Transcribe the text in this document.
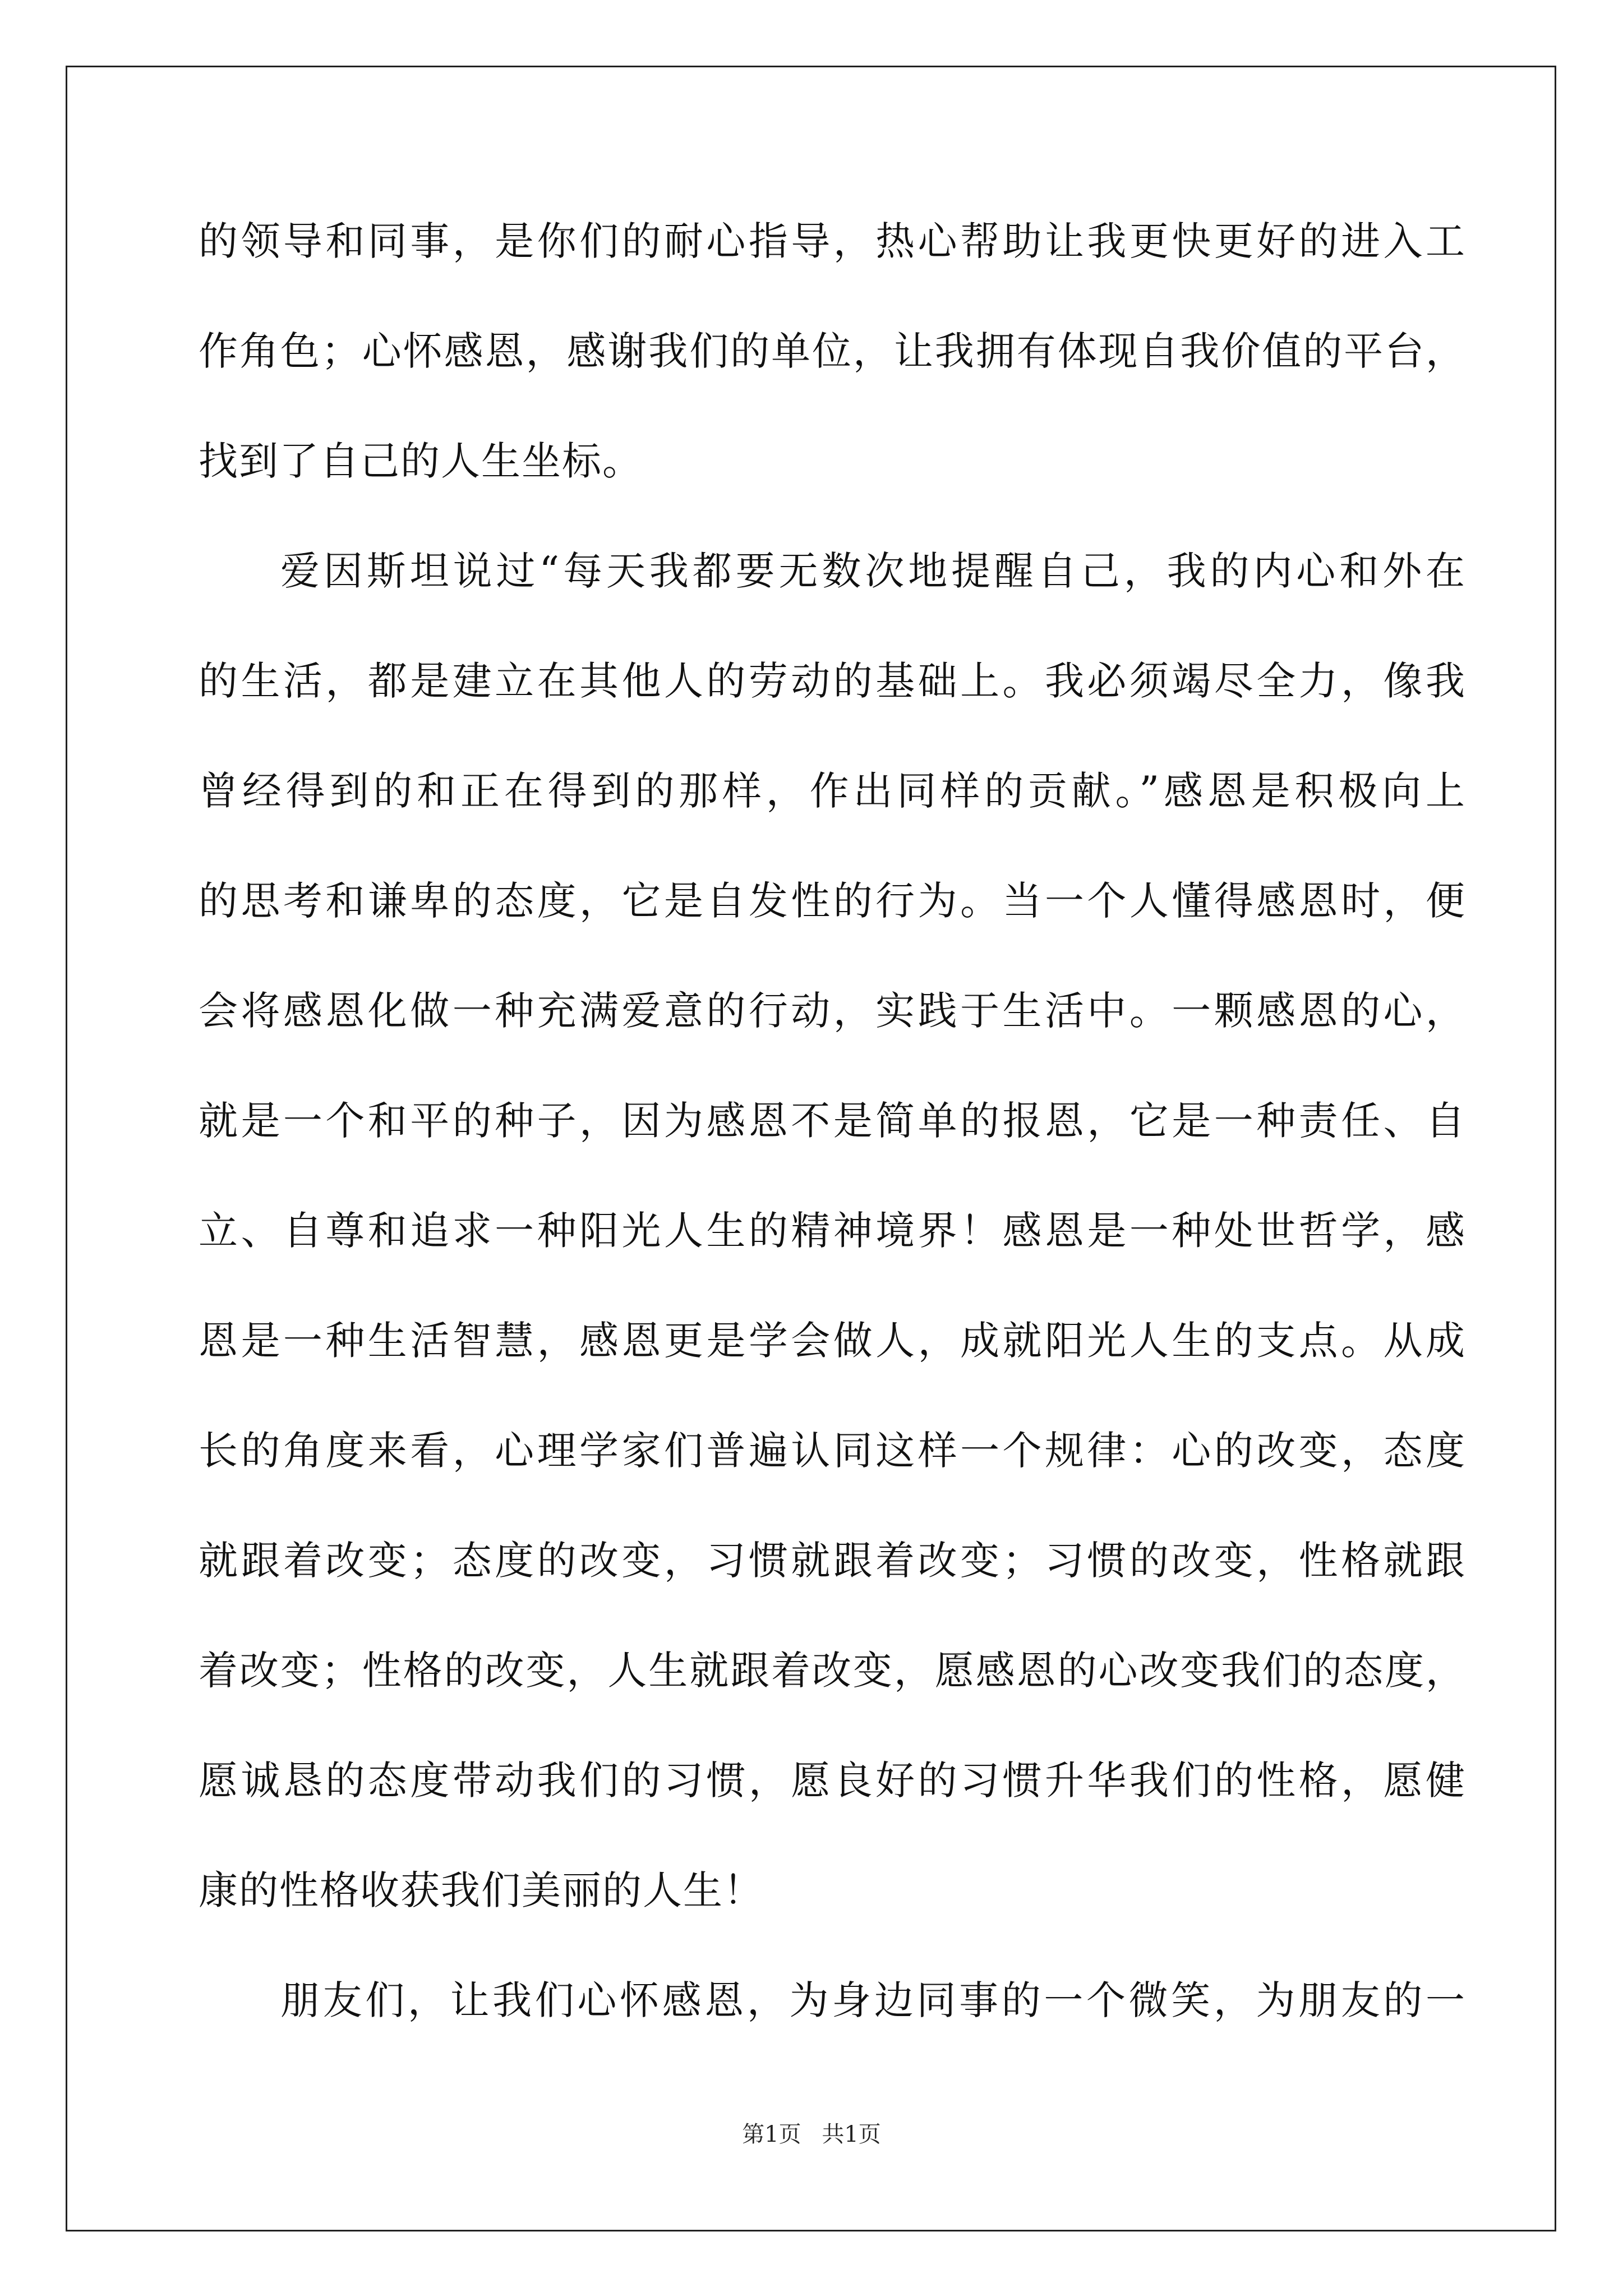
的领导和同事，是你们的耐心指导，热心帮助让我更快更好的进入工
作角色；心怀感恩，感谢我们的单位，让我拥有体现自我价值的平台，
找到了自己的人生坐标。
爱因斯坦说过“每天我都要无数次地提醒自己，我的内心和外在
的生活，都是建立在其他人的劳动的基础上。我必须竭尽全力，像我
曾经得到的和正在得到的那样，作出同样的贡献。”感恩是积极向上
的思考和谦卑的态度，它是自发性的行为。当一个人懂得感恩时，便
会将感恩化做一种充满爱意的行动，实践于生活中。一颗感恩的心，
就是一个和平的种子，因为感恩不是简单的报恩，它是一种责任、自
立、自尊和追求一种阳光人生的精神境界！感恩是一种处世哲学，感
恩是一种生活智慧，感恩更是学会做人，成就阳光人生的支点。从成
长的角度来看，心理学家们普遍认同这样一个规律：心的改变，态度
就跟着改变；态度的改变，习惯就跟着改变；习惯的改变，性格就跟
着改变；性格的改变，人生就跟着改变，愿感恩的心改变我们的态度，
愿诚恳的态度带动我们的习惯，愿良好的习惯升华我们的性格，愿健
康的性格收获我们美丽的人生！
朋友们，让我们心怀感恩，为身边同事的一个微笑，为朋友的一
第1页 共1页
